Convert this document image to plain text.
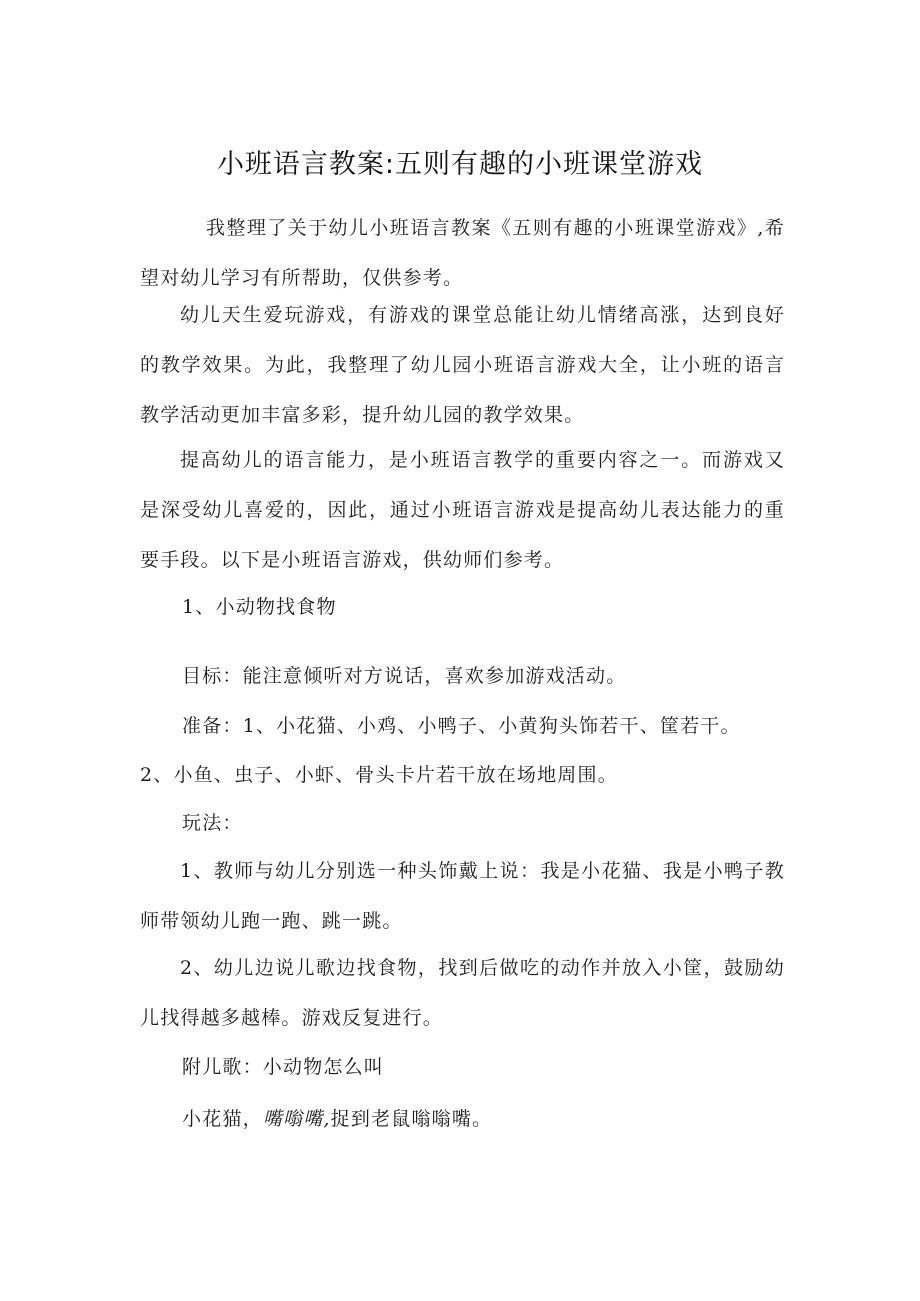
小班语言教案:五则有趣的小班课堂游戏
我整理了关于幼儿小班语言教案《五则有趣的小班课堂游戏》,希望对幼儿学习有所帮助，仅供参考。
幼儿天生爱玩游戏，有游戏的课堂总能让幼儿情绪高涨，达到良好的教学效果。为此，我整理了幼儿园小班语言游戏大全，让小班的语言教学活动更加丰富多彩，提升幼儿园的教学效果。
提高幼儿的语言能力，是小班语言教学的重要内容之一。而游戏又是深受幼儿喜爱的，因此，通过小班语言游戏是提高幼儿表达能力的重要手段。以下是小班语言游戏，供幼师们参考。
1、小动物找食物
目标：能注意倾听对方说话，喜欢参加游戏活动。
准备：1、小花猫、小鸡、小鸭子、小黄狗头饰若干、筐若干。
2、小鱼、虫子、小虾、骨头卡片若干放在场地周围。
玩法：
1、教师与幼儿分别选一种头饰戴上说：我是小花猫、我是小鸭子教师带领幼儿跑一跑、跳一跳。
2、幼儿边说儿歌边找食物，找到后做吃的动作并放入小筐，鼓励幼儿找得越多越棒。游戏反复进行。
附儿歌：小动物怎么叫
小花猫，嘴嗡嘴,捉到老鼠嗡嗡嘴。
